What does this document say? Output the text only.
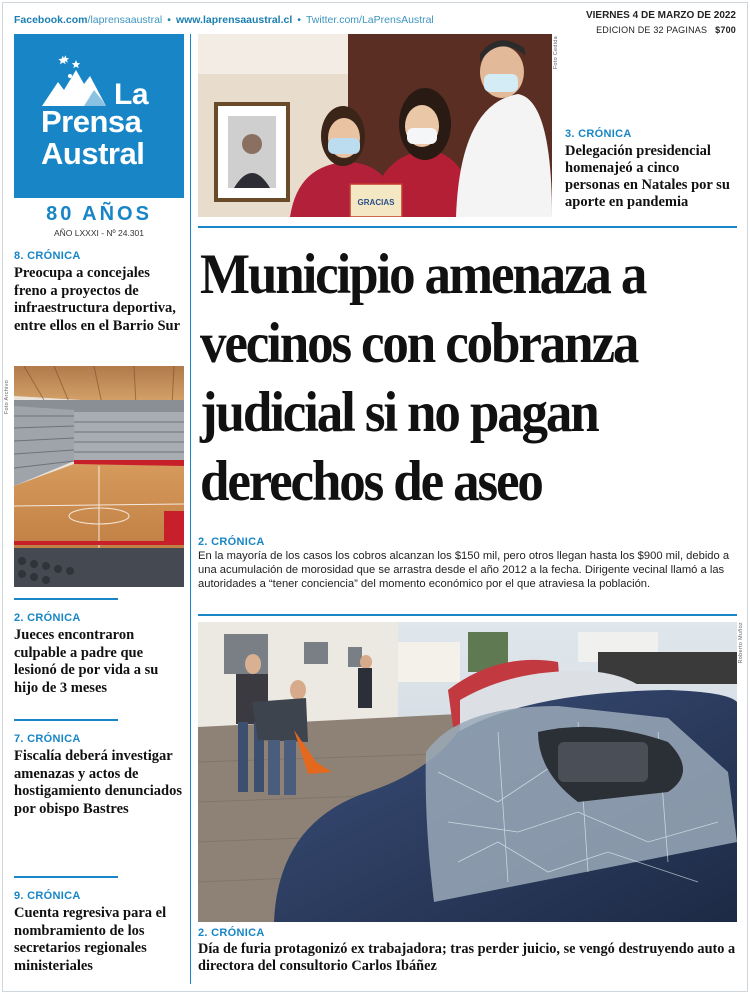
Facebook.com/laprensaaustral • www.laprensaaustral.cl • Twitter.com/LaPrensAustral	VIERNES 4 DE MARZO DE 2022
EDICION DE 32 PAGINAS $700
La
Prensa
Austral
80 AÑOS
AÑO LXXXI - Nº 24.301
8. CRÓNICA
Preocupa a concejales freno a proyectos de infraestructura deportiva, entre ellos en el Barrio Sur
Foto Archivo
2. CRÓNICA
Jueces encontraron culpable a padre que lesionó de por vida a su hijo de 3 meses
7. CRÓNICA
Fiscalía deberá investigar amenazas y actos de hostigamiento denunciados por obispo Bastres
9. CRÓNICA
Cuenta regresiva para el nombramiento de los secretarios regionales ministeriales
GRACIAS
Foto Cedida
3. CRÓNICA
Delegación presidencial homenajeó a cinco personas en Natales por su aporte en pandemia
Municipio amenaza a vecinos con cobranza judicial si no pagan derechos de aseo
2. CRÓNICA
En la mayoría de los casos los cobros alcanzan los $150 mil, pero otros llegan hasta los $900 mil, debido a una acumulación de morosidad que se arrastra desde el año 2012 a la fecha. Dirigente vecinal llamó a las autoridades a “tener conciencia” del momento económico por el que atraviesa la población.
Roberto Muñoz
2. CRÓNICA
Día de furia protagonizó ex trabajadora; tras perder juicio, se vengó destruyendo auto a directora del consultorio Carlos Ibáñez
